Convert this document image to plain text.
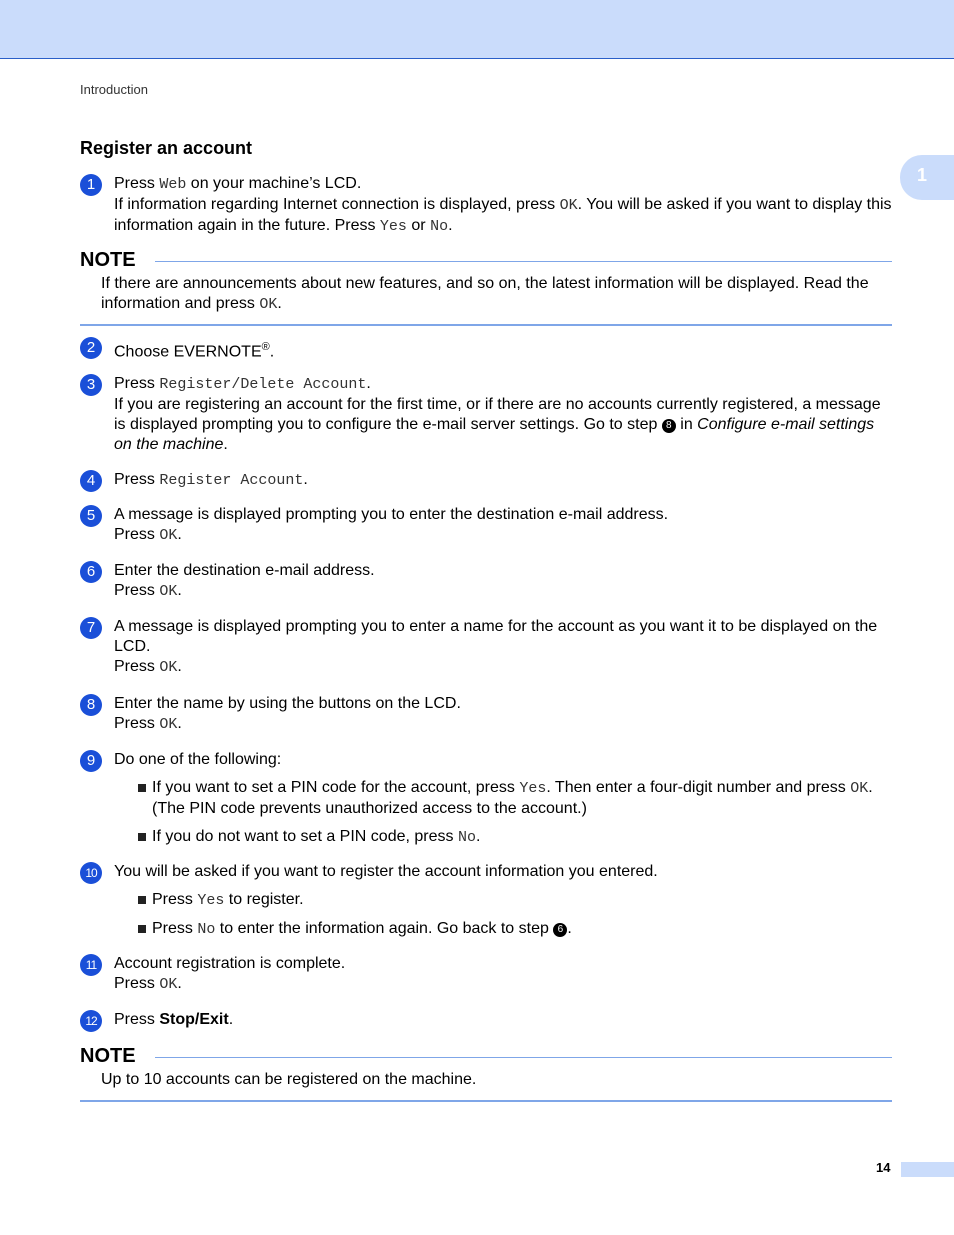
Introduction
1
Register an account
1	Press Web on your machine’s LCD.

If information regarding Internet connection is displayed, press OK. You will be asked if you want to display this information again in the future. Press Yes or No.

NOTE
If there are announcements about new features, and so on, the latest information will be displayed. Read the information and press OK.
2	Choose EVERNOTE®.

3	Press Register/Delete Account.

If you are registering an account for the first time, or if there are no accounts currently registered, a message is displayed prompting you to configure the e-mail server settings. Go to step 8 in Configure e-mail settings on the machine.

4	Press Register Account.

5	A message is displayed prompting you to enter the destination e-mail address.

Press OK.

6	Enter the destination e-mail address.

Press OK.

7	A message is displayed prompting you to enter a name for the account as you want it to be displayed on the LCD.

Press OK.

8	Enter the name by using the buttons on the LCD.

Press OK.

9	Do one of the following:

If you want to set a PIN code for the account, press Yes. Then enter a four-digit number and press OK. (The PIN code prevents unauthorized access to the account.)
If you do not want to set a PIN code, press No.
10	You will be asked if you want to register the account information you entered.

Press Yes to register.
Press No to enter the information again. Go back to step 6 .
11	Account registration is complete.

Press OK.

12	Press Stop/Exit.

NOTE
Up to 10 accounts can be registered on the machine.
14
